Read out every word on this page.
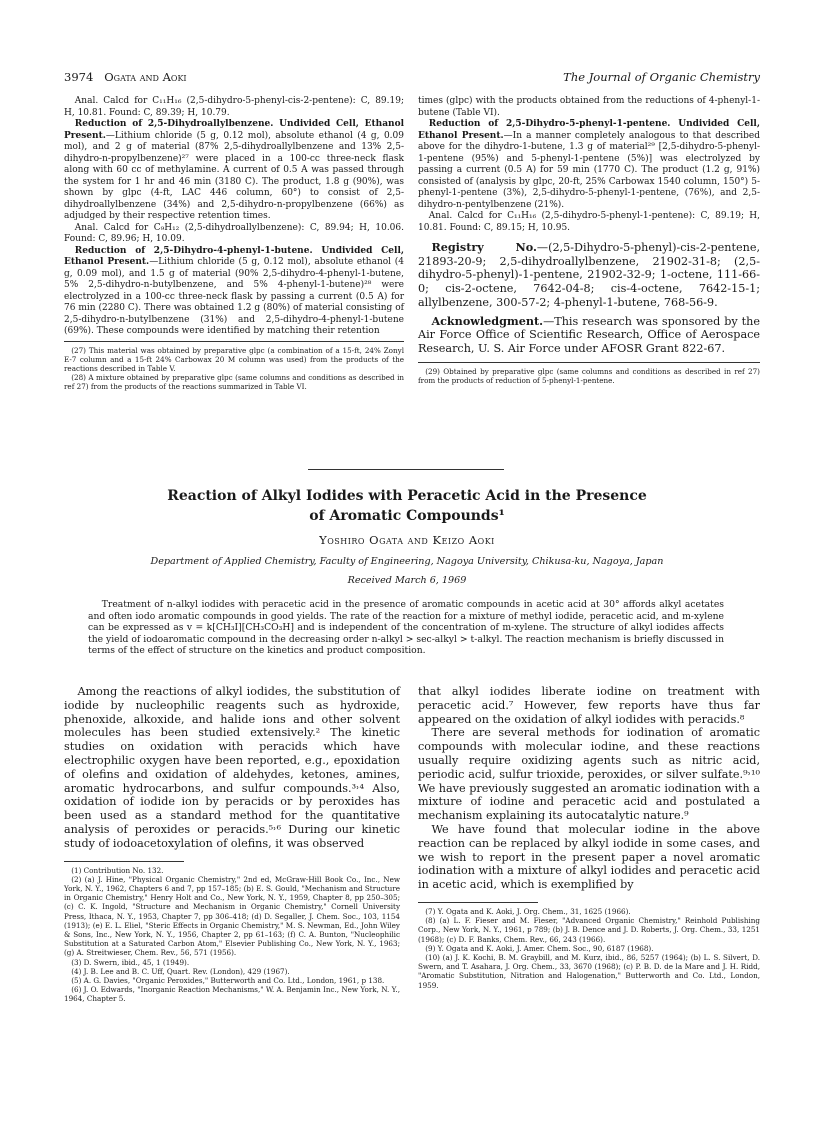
3974 Ogata and Aoki	The Journal of Organic Chemistry

Anal. Calcd for C₁₁H₁₆ (2,5-dihydro-5-phenyl-cis-2-pentene): C, 89.19; H, 10.81. Found: C, 89.39; H, 10.79.

Reduction of 2,5-Dihydroallylbenzene. Undivided Cell, Ethanol Present.—Lithium chloride (5 g, 0.12 mol), absolute ethanol (4 g, 0.09 mol), and 2 g of material (87% 2,5-dihydroallylbenzene and 13% 2,5-dihydro-n-propylbenzene)²⁷ were placed in a 100-cc three-neck flask along with 60 cc of methylamine. A current of 0.5 A was passed through the system for 1 hr and 46 min (3180 C). The product, 1.8 g (90%), was shown by glpc (4-ft, LAC 446 column, 60°) to consist of 2,5-dihydroallylbenzene (34%) and 2,5-dihydro-n-propylbenzene (66%) as adjudged by their respective retention times.

Anal. Calcd for C₉H₁₂ (2,5-dihydroallylbenzene): C, 89.94; H, 10.06. Found: C, 89.96; H, 10.09.

Reduction of 2,5-Dihydro-4-phenyl-1-butene. Undivided Cell, Ethanol Present.—Lithium chloride (5 g, 0.12 mol), absolute ethanol (4 g, 0.09 mol), and 1.5 g of material (90% 2,5-dihydro-4-phenyl-1-butene, 5% 2,5-dihydro-n-butylbenzene, and 5% 4-phenyl-1-butene)²⁸ were electrolyzed in a 100-cc three-neck flask by passing a current (0.5 A) for 76 min (2280 C). There was obtained 1.2 g (80%) of material consisting of 2,5-dihydro-n-butylbenzene (31%) and 2,5-dihydro-4-phenyl-1-butene (69%). These compounds were identified by matching their retention

(27) This material was obtained by preparative glpc (a combination of a 15-ft, 24% Zonyl E-7 column and a 15-ft 24% Carbowax 20 M column was used) from the products of the reactions described in Table V.

(28) A mixture obtained by preparative glpc (same columns and conditions as described in ref 27) from the products of the reactions summarized in Table VI.

times (glpc) with the products obtained from the reductions of 4-phenyl-1-butene (Table VI).

Reduction of 2,5-Dihydro-5-phenyl-1-pentene. Undivided Cell, Ethanol Present.—In a manner completely analogous to that described above for the dihydro-1-butene, 1.3 g of material²⁹ [2,5-dihydro-5-phenyl-1-pentene (95%) and 5-phenyl-1-pentene (5%)] was electrolyzed by passing a current (0.5 A) for 59 min (1770 C). The product (1.2 g, 91%) consisted of (analysis by glpc, 20-ft, 25% Carbowax 1540 column, 150°) 5-phenyl-1-pentene (3%), 2,5-dihydro-5-phenyl-1-pentene, (76%), and 2,5-dihydro-n-pentylbenzene (21%).

Anal. Calcd for C₁₁H₁₆ (2,5-dihydro-5-phenyl-1-pentene): C, 89.19; H, 10.81. Found: C, 89.15; H, 10.95.

Registry No.—(2,5-Dihydro-5-phenyl)-cis-2-pentene, 21893-20-9; 2,5-dihydroallylbenzene, 21902-31-8; (2,5-dihydro-5-phenyl)-1-pentene, 21902-32-9; 1-octene, 111-66-0; cis-2-octene, 7642-04-8; cis-4-octene, 7642-15-1; allylbenzene, 300-57-2; 4-phenyl-1-butene, 768-56-9.

Acknowledgment.—This research was sponsored by the Air Force Office of Scientific Research, Office of Aerospace Research, U. S. Air Force under AFOSR Grant 822-67.

(29) Obtained by preparative glpc (same columns and conditions as described in ref 27) from the products of reduction of 5-phenyl-1-pentene.

Reaction of Alkyl Iodides with Peracetic Acid in the Presence
of Aromatic Compounds¹
Yoshiro Ogata and Keizo Aoki
Department of Applied Chemistry, Faculty of Engineering, Nagoya University, Chikusa-ku, Nagoya, Japan
Received March 6, 1969

Treatment of n-alkyl iodides with peracetic acid in the presence of aromatic compounds in acetic acid at 30° affords alkyl acetates and often iodo aromatic compounds in good yields. The rate of the reaction for a mixture of methyl iodide, peracetic acid, and m-xylene can be expressed as v = k[CH₃I][CH₃CO₃H] and is independent of the concentration of m-xylene. The structure of alkyl iodides affects the yield of iodoaromatic compound in the decreasing order n-alkyl > sec-alkyl > t-alkyl. The reaction mechanism is briefly discussed in terms of the effect of structure on the kinetics and product composition.

Among the reactions of alkyl iodides, the substitution of iodide by nucleophilic reagents such as hydroxide, phenoxide, alkoxide, and halide ions and other solvent molecules has been studied extensively.² The kinetic studies on oxidation with peracids which have electrophilic oxygen have been reported, e.g., epoxidation of olefins and oxidation of aldehydes, ketones, amines, aromatic hydrocarbons, and sulfur compounds.³˒⁴ Also, oxidation of iodide ion by peracids or by peroxides has been used as a standard method for the quantitative analysis of peroxides or peracids.⁵˒⁶ During our kinetic study of iodoacetoxylation of olefins, it was observed

(1) Contribution No. 132.

(2) (a) J. Hine, "Physical Organic Chemistry," 2nd ed, McGraw-Hill Book Co., Inc., New York, N. Y., 1962, Chapters 6 and 7, pp 157–185; (b) E. S. Gould, "Mechanism and Structure in Organic Chemistry," Henry Holt and Co., New York, N. Y., 1959, Chapter 8, pp 250–305; (c) C. K. Ingold, "Structure and Mechanism in Organic Chemistry," Cornell University Press, Ithaca, N. Y., 1953, Chapter 7, pp 306–418; (d) D. Segaller, J. Chem. Soc., 103, 1154 (1913); (e) E. L. Eliel, "Steric Effects in Organic Chemistry," M. S. Newman, Ed., John Wiley & Sons, Inc., New York, N. Y., 1956, Chapter 2, pp 61–163; (f) C. A. Bunton, "Nucleophilic Substitution at a Saturated Carbon Atom," Elsevier Publishing Co., New York, N. Y., 1963; (g) A. Streitwieser, Chem. Rev., 56, 571 (1956).

(3) D. Swern, ibid., 45, 1 (1949).

(4) J. B. Lee and B. C. Uff, Quart. Rev. (London), 429 (1967).

(5) A. G. Davies, "Organic Peroxides," Butterworth and Co. Ltd., London, 1961, p 138.

(6) J. O. Edwards, "Inorganic Reaction Mechanisms," W. A. Benjamin Inc., New York, N. Y., 1964, Chapter 5.

that alkyl iodides liberate iodine on treatment with peracetic acid.⁷ However, few reports have thus far appeared on the oxidation of alkyl iodides with peracids.⁸

There are several methods for iodination of aromatic compounds with molecular iodine, and these reactions usually require oxidizing agents such as nitric acid, periodic acid, sulfur trioxide, peroxides, or silver sulfate.⁹˒¹⁰ We have previously suggested an aromatic iodination with a mixture of iodine and peracetic acid and postulated a mechanism explaining its autocatalytic nature.⁹

We have found that molecular iodine in the above reaction can be replaced by alkyl iodide in some cases, and we wish to report in the present paper a novel aromatic iodination with a mixture of alkyl iodides and peracetic acid in acetic acid, which is exemplified by

(7) Y. Ogata and K. Aoki, J. Org. Chem., 31, 1625 (1966).

(8) (a) L. F. Fieser and M. Fieser, "Advanced Organic Chemistry," Reinhold Publishing Corp., New York, N. Y., 1961, p 789; (b) J. B. Dence and J. D. Roberts, J. Org. Chem., 33, 1251 (1968); (c) D. F. Banks, Chem. Rev., 66, 243 (1966).

(9) Y. Ogata and K. Aoki, J. Amer. Chem. Soc., 90, 6187 (1968).

(10) (a) J. K. Kochi, B. M. Graybill, and M. Kurz, ibid., 86, 5257 (1964); (b) L. S. Silvert, D. Swern, and T. Asahara, J. Org. Chem., 33, 3670 (1968); (c) P. B. D. de la Mare and J. H. Ridd, "Aromatic Substitution, Nitration and Halogenation," Butterworth and Co. Ltd., London, 1959.
